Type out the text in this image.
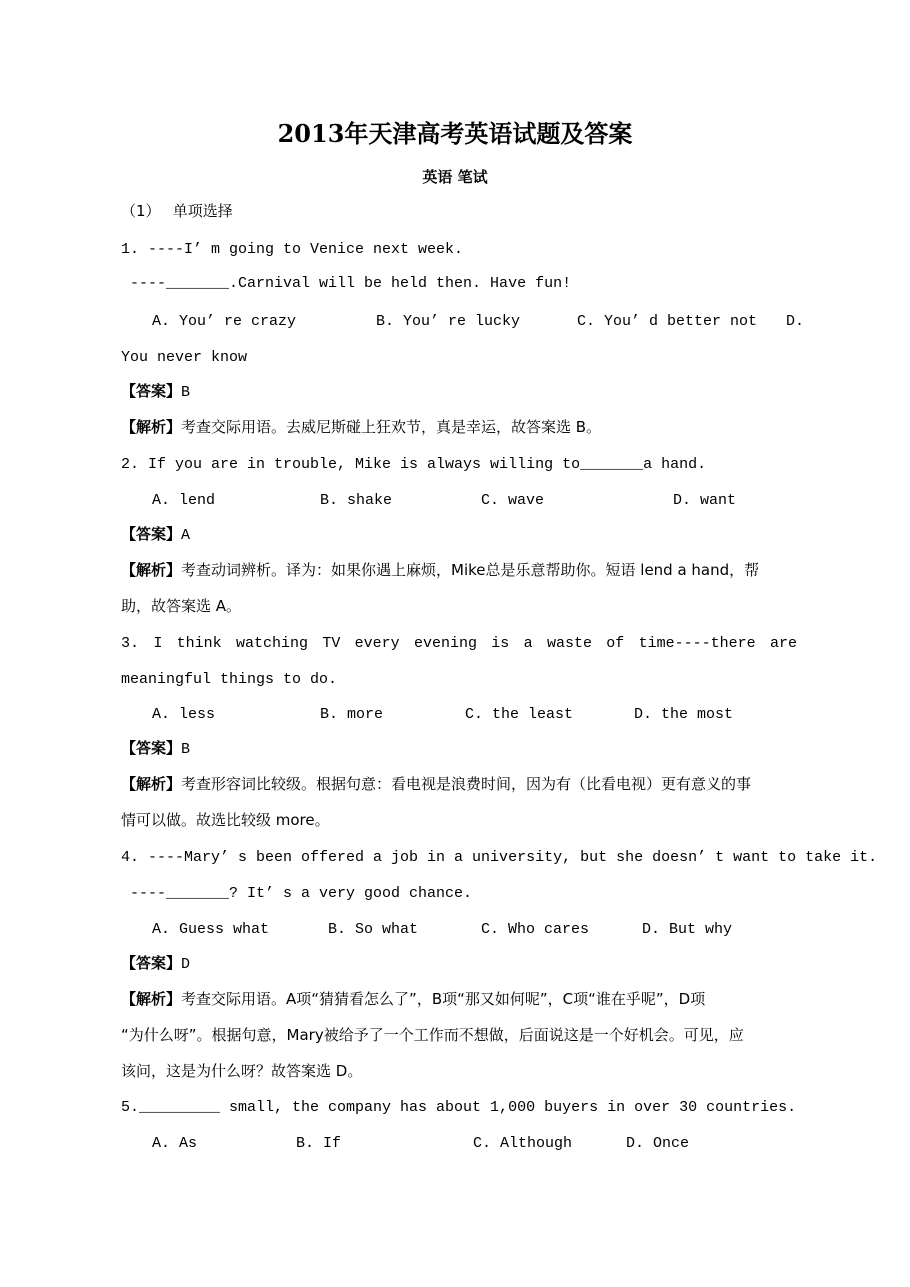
2013年天津高考英语试题及答案
英语 笔试
（1）　 单项选择
1. ----I’ m going to Venice next week.
----_______.Carnival will be held then. Have fun!
A. You’ re crazy	B. You’ re lucky	C. You’ d better not D.
You never know
【答案】B
【解析】考查交际用语。去威尼斯碰上狂欢节，真是幸运，故答案选 B。
2. If you are in trouble, Mike is always willing to_______a hand.
A. lend	B. shake	C. wave	D. want
【答案】A
【解析】考查动词辨析。译为：如果你遇上麻烦，Mike总是乐意帮助你。短语 lend a hand，帮
助，故答案选 A。
3. I think watching TV every evening is a waste of time----there are
meaningful things to do.
A. less	B. more	C. the least	D. the most
【答案】B
【解析】考查形容词比较级。根据句意：看电视是浪费时间，因为有（比看电视）更有意义的事
情可以做。故选比较级 more。
4. ----Mary’ s been offered a job in a university, but she doesn’ t want to take it.
----_______? It’ s a very good chance.
A. Guess what	B. So what	C. Who cares	D. But why
【答案】D
【解析】考查交际用语。A项“猜猜看怎么了”，B项“那又如何呢”，C项“谁在乎呢”，D项
“为什么呀”。根据句意，Mary被给予了一个工作而不想做，后面说这是一个好机会。可见，应
该问，这是为什么呀？故答案选 D。
5._________ small, the company has about 1,000 buyers in over 30 countries.
A. As	B. If	C. Although	D. Once
